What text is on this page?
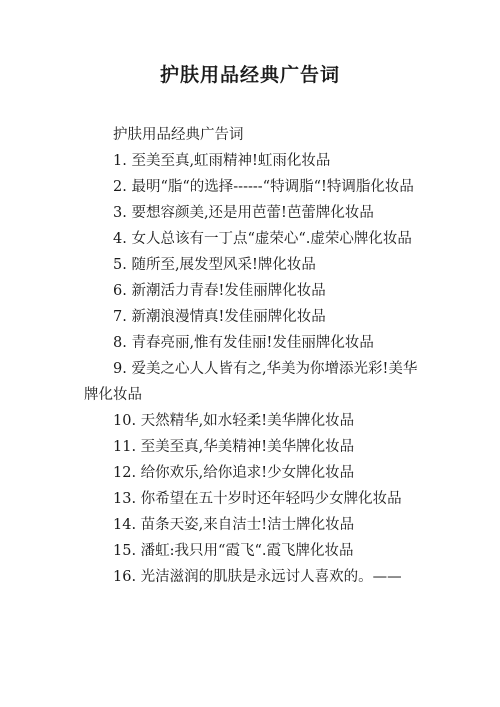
护肤用品经典广告词

护肤用品经典广告词

1. 至美至真,虹雨精神!虹雨化妆品

2. 最明“脂“的选择------“特调脂“!特调脂化妆品

3. 要想容颜美,还是用芭蕾!芭蕾牌化妆品

4. 女人总该有一丁点“虚荣心“.虚荣心牌化妆品

5. 随所至,展发型风采!牌化妆品

6. 新潮活力青春!发佳丽牌化妆品

7. 新潮浪漫情真!发佳丽牌化妆品

8. 青春亮丽,惟有发佳丽!发佳丽牌化妆品

9. 爱美之心人人皆有之,华美为你增添光彩!美华牌化妆品

10. 天然精华,如水轻柔!美华牌化妆品

11. 至美至真,华美精神!美华牌化妆品

12. 给你欢乐,给你追求!少女牌化妆品

13. 你希望在五十岁时还年轻吗少女牌化妆品

14. 苗条天姿,来自洁士!洁士牌化妆品

15. 潘虹:我只用“霞飞“.霞飞牌化妆品

16. 光洁滋润的肌肤是永远讨人喜欢的。——
